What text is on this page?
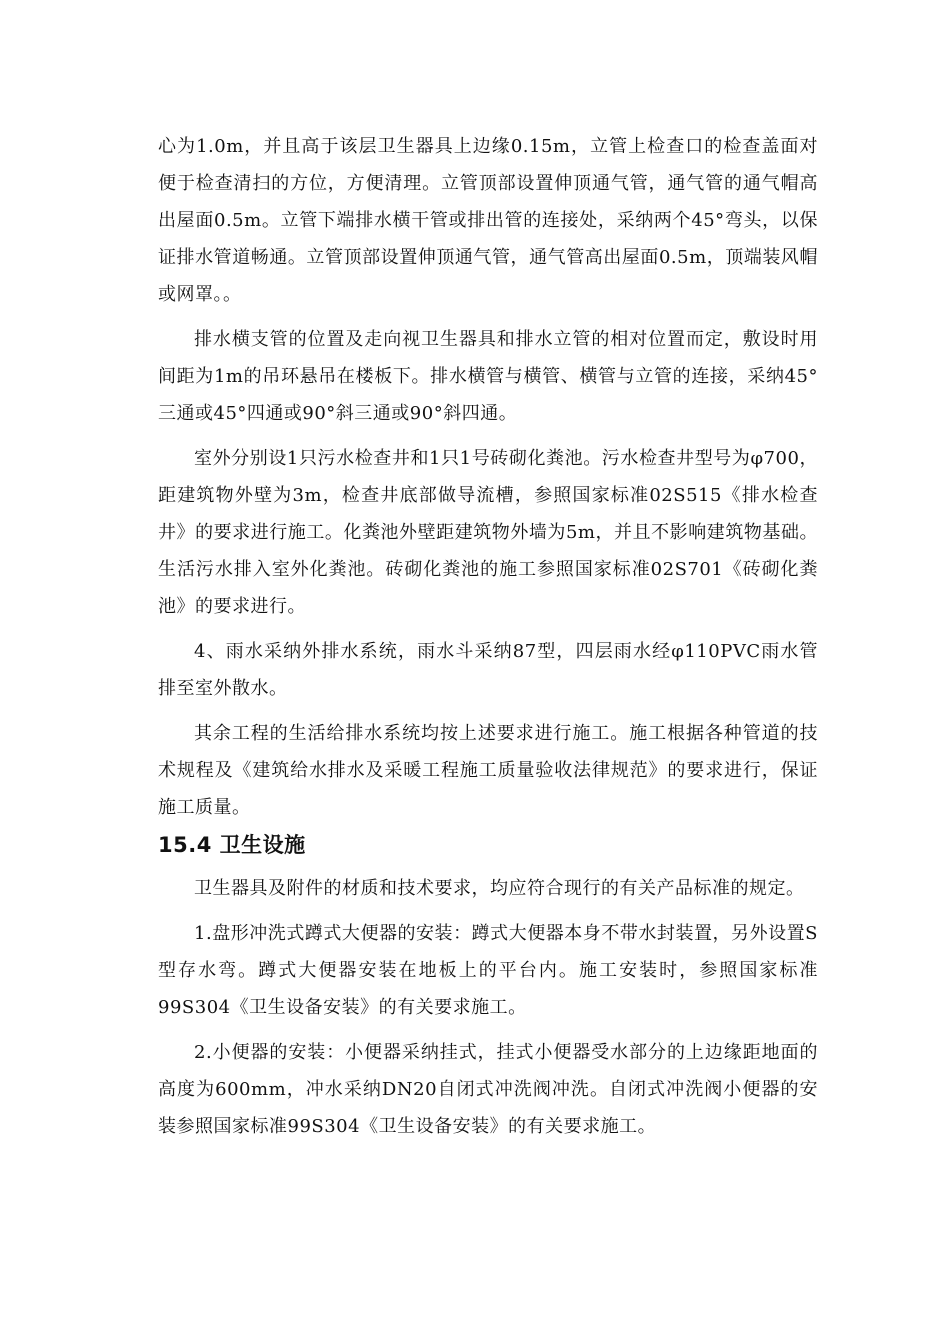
心为1.0m，并且高于该层卫生器具上边缘0.15m，立管上检查口的检查盖面对便于检查清扫的方位，方便清理。立管顶部设置伸顶通气管，通气管的通气帽高出屋面0.5m。立管下端排水横干管或排出管的连接处，采纳两个45°弯头，以保证排水管道畅通。立管顶部设置伸顶通气管，通气管高出屋面0.5m，顶端装风帽或网罩。。

排水横支管的位置及走向视卫生器具和排水立管的相对位置而定，敷设时用间距为1m的吊环悬吊在楼板下。排水横管与横管、横管与立管的连接，采纳45°三通或45°四通或90°斜三通或90°斜四通。

室外分别设1只污水检查井和1只1号砖砌化粪池。污水检查井型号为φ700，距建筑物外壁为3m，检查井底部做导流槽，参照国家标准02S515《排水检查井》的要求进行施工。化粪池外壁距建筑物外墙为5m，并且不影响建筑物基础。生活污水排入室外化粪池。砖砌化粪池的施工参照国家标准02S701《砖砌化粪池》的要求进行。

4、雨水采纳外排水系统，雨水斗采纳87型，四层雨水经φ110PVC雨水管排至室外散水。

其余工程的生活给排水系统均按上述要求进行施工。施工根据各种管道的技术规程及《建筑给水排水及采暖工程施工质量验收法律规范》的要求进行，保证施工质量。

15.4 卫生设施

卫生器具及附件的材质和技术要求，均应符合现行的有关产品标准的规定。

1.盘形冲洗式蹲式大便器的安装：蹲式大便器本身不带水封装置，另外设置S型存水弯。蹲式大便器安装在地板上的平台内。施工安装时，参照国家标准99S304《卫生设备安装》的有关要求施工。

2.小便器的安装：小便器采纳挂式，挂式小便器受水部分的上边缘距地面的高度为600mm，冲水采纳DN20自闭式冲洗阀冲洗。自闭式冲洗阀小便器的安装参照国家标准99S304《卫生设备安装》的有关要求施工。
